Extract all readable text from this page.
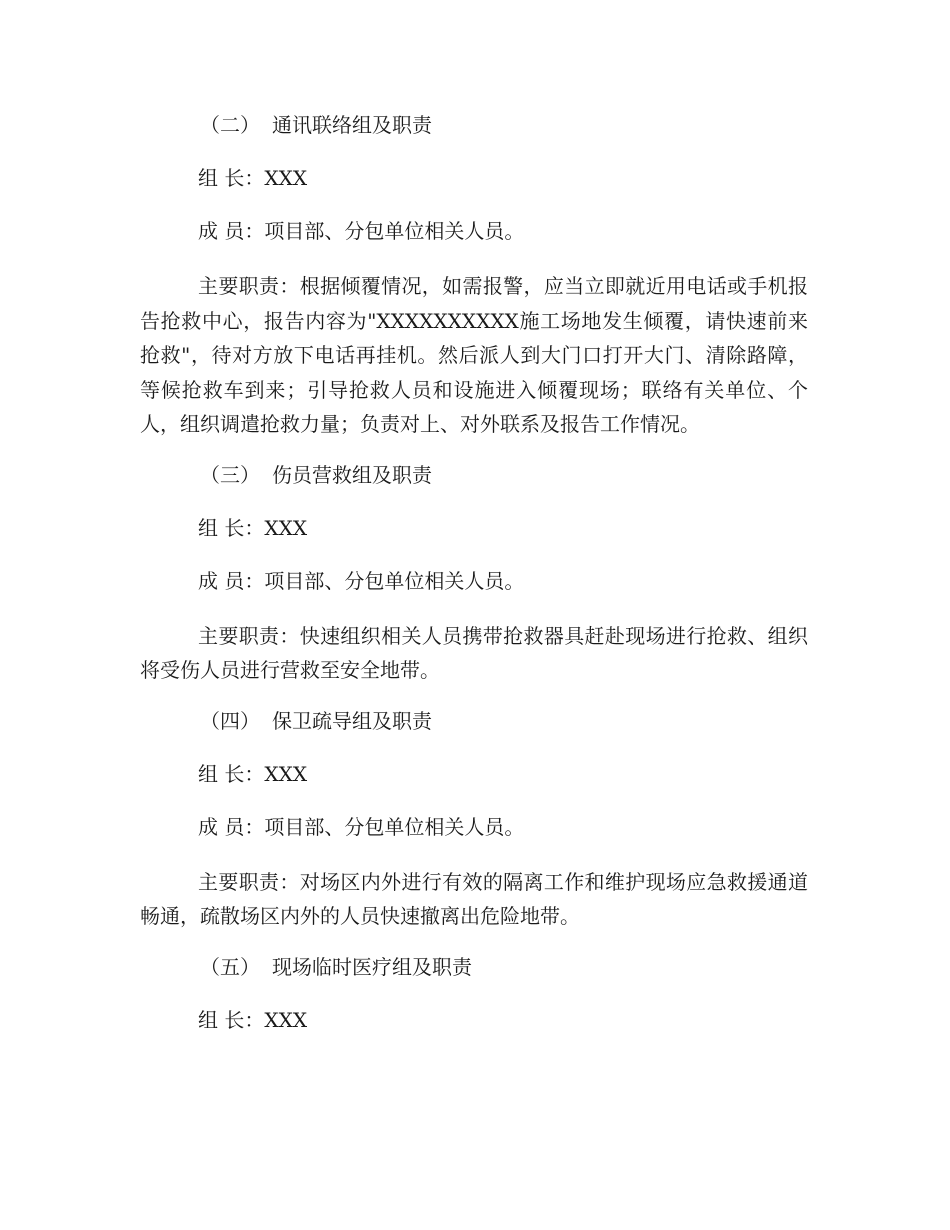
（二） 通讯联络组及职责
组 长：XXX
成 员：项目部、分包单位相关人员。

主要职责：根据倾覆情况，如需报警，应当立即就近用电话或手机报告抢救中心，报告内容为"XXXXXXXXXX施工场地发生倾覆，请快速前来抢救"，待对方放下电话再挂机。然后派人到大门口打开大门、清除路障，等候抢救车到来；引导抢救人员和设施进入倾覆现场；联络有关单位、个人，组织调遣抢救力量；负责对上、对外联系及报告工作情况。

（三） 伤员营救组及职责
组 长：XXX
成 员：项目部、分包单位相关人员。

主要职责：快速组织相关人员携带抢救器具赶赴现场进行抢救、组织将受伤人员进行营救至安全地带。

（四） 保卫疏导组及职责
组 长：XXX
成 员：项目部、分包单位相关人员。

主要职责：对场区内外进行有效的隔离工作和维护现场应急救援通道畅通，疏散场区内外的人员快速撤离出危险地带。

（五） 现场临时医疗组及职责
组 长：XXX
